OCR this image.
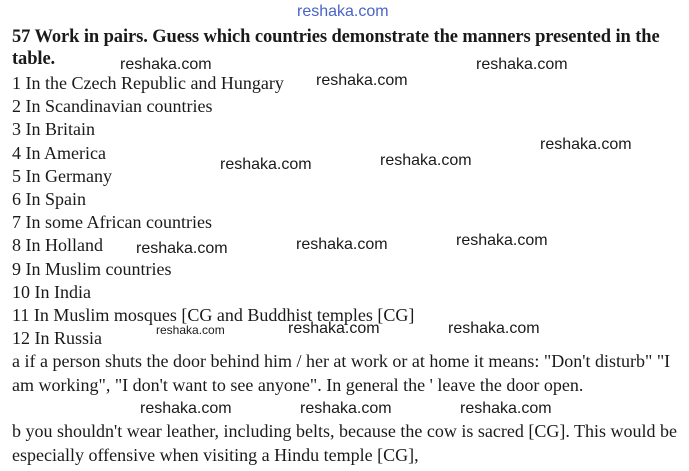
reshaka.com
57 Work in pairs. Guess which countries demonstrate the manners presented in the table.
1 In the Czech Republic and Hungary
2 In Scandinavian countries
3 In Britain
4 In America
5 In Germany
6 In Spain
7 In some African countries
8 In Holland
9 In Muslim countries
10 In India
11 In Muslim mosques [CG and Buddhist temples [CG]
12 In Russia

a if a person shuts the door behind him / her at work or at home it means: "Don't disturb" "I am working", "I don't want to see anyone". In general the ' leave the door open.

b you shouldn't wear leather, including belts, because the cow is sacred [CG]. This would be especially offensive when visiting a Hindu temple [CG],

reshaka.com	reshaka.com
reshaka.com
reshaka.com
reshaka.com
reshaka.com
reshaka.com
reshaka.com
reshaka.com
reshaka.com	reshaka.com	reshaka.com
reshaka.com	reshaka.com	reshaka.com
